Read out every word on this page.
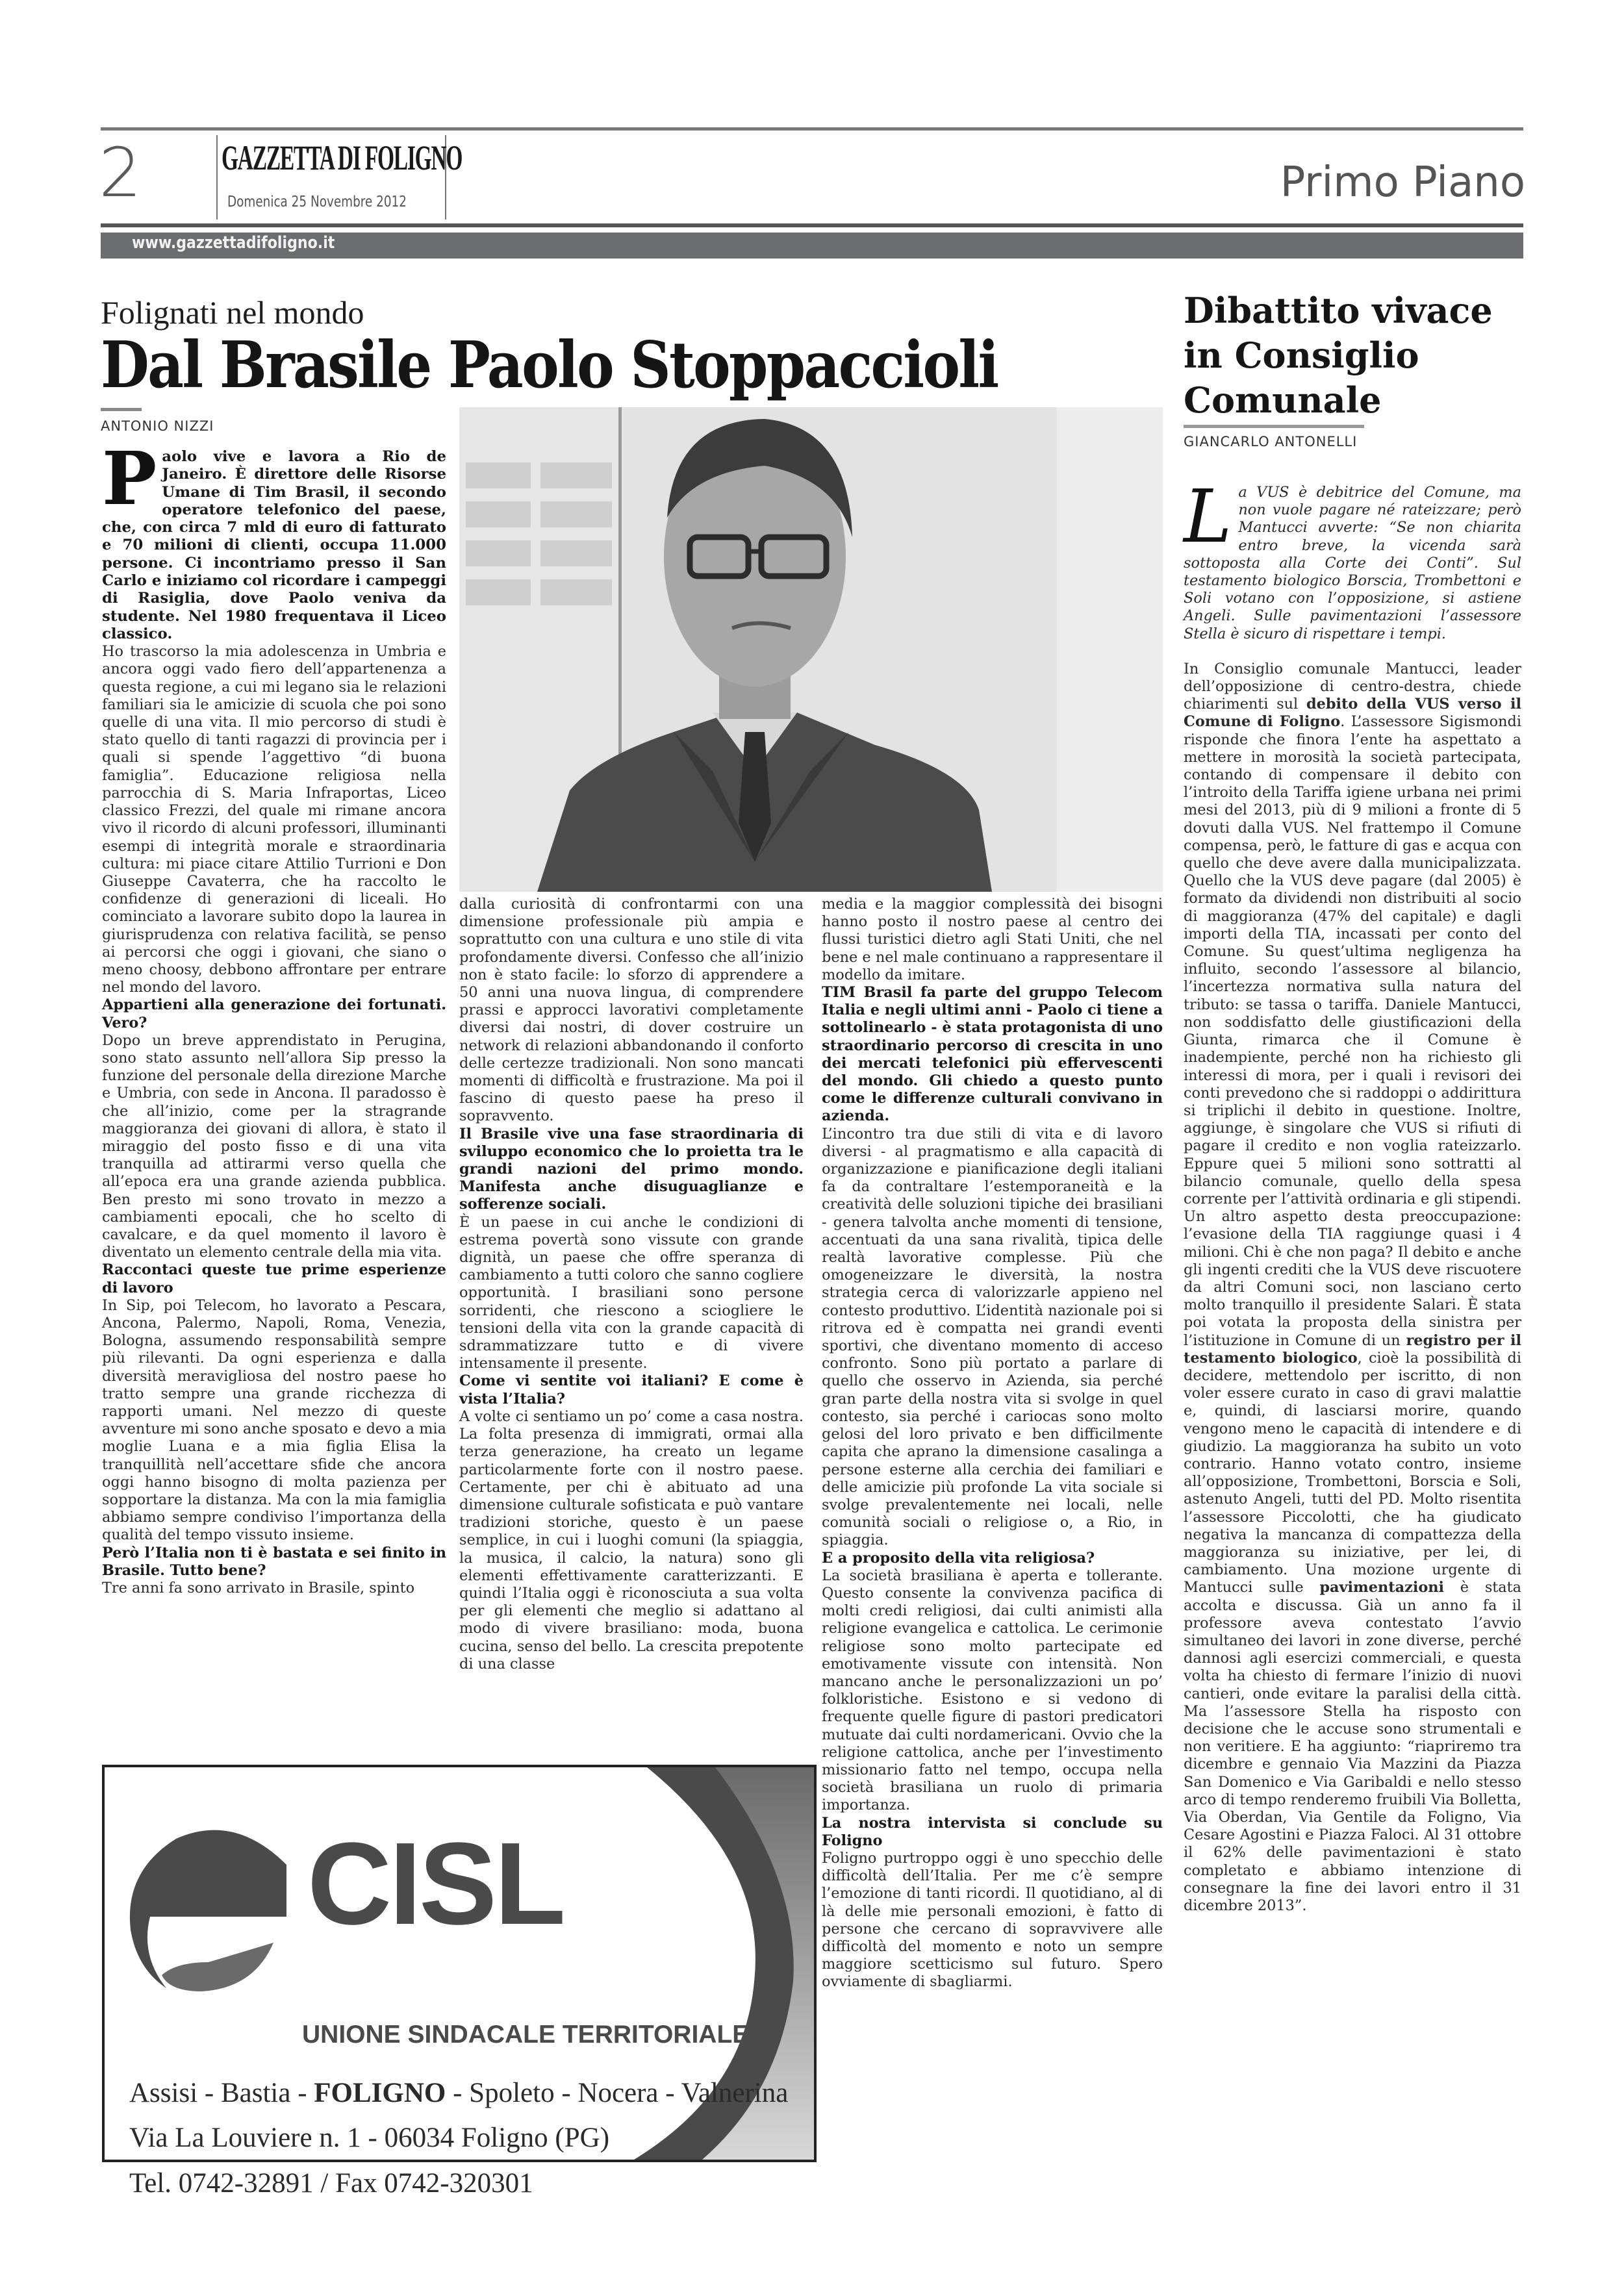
2 GAZZETTA DI FOLIGNO
Domenica 25 Novembre 2012	Primo Piano
www.gazzettadifoligno.it
Folignati nel mondo
Dal Brasile Paolo Stoppaccioli
ANTONIO NIZZI

Paolo vive e lavora a Rio de Janeiro. È direttore delle Risorse Umane di Tim Brasil, il secondo operatore telefonico del paese, che, con circa 7 mld di euro di fatturato e 70 milioni di clienti, occupa 11.000 persone. Ci incontriamo presso il San Carlo e iniziamo col ricordare i campeggi di Rasiglia, dove Paolo veniva da studente. Nel 1980 frequentava il Liceo classico.

Ho trascorso la mia adolescenza in Umbria e ancora oggi vado fiero dell’appartenenza a questa regione, a cui mi legano sia le relazioni familiari sia le amicizie di scuola che poi sono quelle di una vita. Il mio percorso di studi è stato quello di tanti ragazzi di provincia per i quali si spende l’aggettivo “di buona famiglia”. Educazione religiosa nella parrocchia di S. Maria Infraportas, Liceo classico Frezzi, del quale mi rimane ancora vivo il ricordo di alcuni professori, illuminanti esempi di integrità morale e straordinaria cultura: mi piace citare Attilio Turrioni e Don Giuseppe Cavaterra, che ha raccolto le confidenze di generazioni di liceali. Ho cominciato a lavorare subito dopo la laurea in giurisprudenza con relativa facilità, se penso ai percorsi che oggi i giovani, che siano o meno choosy, debbono affrontare per entrare nel mondo del lavoro.

Appartieni alla generazione dei fortunati. Vero?

Dopo un breve apprendistato in Perugina, sono stato assunto nell’allora Sip presso la funzione del personale della direzione Marche e Umbria, con sede in Ancona. Il paradosso è che all’inizio, come per la stragrande maggioranza dei giovani di allora, è stato il miraggio del posto fisso e di una vita tranquilla ad attirarmi verso quella che all’epoca era una grande azienda pubblica. Ben presto mi sono trovato in mezzo a cambiamenti epocali, che ho scelto di cavalcare, e da quel momento il lavoro è diventato un elemento centrale della mia vita.

Raccontaci queste tue prime esperienze di lavoro

In Sip, poi Telecom, ho lavorato a Pescara, Ancona, Palermo, Napoli, Roma, Venezia, Bologna, assumendo responsabilità sempre più rilevanti. Da ogni esperienza e dalla diversità meravigliosa del nostro paese ho tratto sempre una grande ricchezza di rapporti umani. Nel mezzo di queste avventure mi sono anche sposato e devo a mia moglie Luana e a mia figlia Elisa la tranquillità nell’accettare sfide che ancora oggi hanno bisogno di molta pazienza per sopportare la distanza. Ma con la mia famiglia abbiamo sempre condiviso l’importanza della qualità del tempo vissuto insieme.

Però l’Italia non ti è bastata e sei finito in Brasile. Tutto bene?

Tre anni fa sono arrivato in Brasile, spinto

dalla curiosità di confrontarmi con una dimensione professionale più ampia e soprattutto con una cultura e uno stile di vita profondamente diversi. Confesso che all’inizio non è stato facile: lo sforzo di apprendere a 50 anni una nuova lingua, di comprendere prassi e approcci lavorativi completamente diversi dai nostri, di dover costruire un network di relazioni abbandonando il conforto delle certezze tradizionali. Non sono mancati momenti di difficoltà e frustrazione. Ma poi il fascino di questo paese ha preso il sopravvento.

Il Brasile vive una fase straordinaria di sviluppo economico che lo proietta tra le grandi nazioni del primo mondo. Manifesta anche disuguaglianze e sofferenze sociali.

È un paese in cui anche le condizioni di estrema povertà sono vissute con grande dignità, un paese che offre speranza di cambiamento a tutti coloro che sanno cogliere opportunità. I brasiliani sono persone sorridenti, che riescono a sciogliere le tensioni della vita con la grande capacità di sdrammatizzare tutto e di vivere intensamente il presente.

Come vi sentite voi italiani? E come è vista l’Italia?

A volte ci sentiamo un po’ come a casa nostra. La folta presenza di immigrati, ormai alla terza generazione, ha creato un legame particolarmente forte con il nostro paese. Certamente, per chi è abituato ad una dimensione culturale sofisticata e può vantare tradizioni storiche, questo è un paese semplice, in cui i luoghi comuni (la spiaggia, la musica, il calcio, la natura) sono gli elementi effettivamente caratterizzanti. E quindi l’Italia oggi è riconosciuta a sua volta per gli elementi che meglio si adattano al modo di vivere brasiliano: moda, buona cucina, senso del bello. La crescita prepotente di una classe

media e la maggior complessità dei bisogni hanno posto il nostro paese al centro dei flussi turistici dietro agli Stati Uniti, che nel bene e nel male continuano a rappresentare il modello da imitare.

TIM Brasil fa parte del gruppo Telecom Italia e negli ultimi anni - Paolo ci tiene a sottolinearlo - è stata protagonista di uno straordinario percorso di crescita in uno dei mercati telefonici più effervescenti del mondo. Gli chiedo a questo punto come le differenze culturali convivano in azienda.

L’incontro tra due stili di vita e di lavoro diversi - al pragmatismo e alla capacità di organizzazione e pianificazione degli italiani fa da contraltare l’estemporaneità e la creatività delle soluzioni tipiche dei brasiliani - genera talvolta anche momenti di tensione, accentuati da una sana rivalità, tipica delle realtà lavorative complesse. Più che omogeneizzare le diversità, la nostra strategia cerca di valorizzarle appieno nel contesto produttivo. L’identità nazionale poi si ritrova ed è compatta nei grandi eventi sportivi, che diventano momento di acceso confronto. Sono più portato a parlare di quello che osservo in Azienda, sia perché gran parte della nostra vita si svolge in quel contesto, sia perché i cariocas sono molto gelosi del loro privato e ben difficilmente capita che aprano la dimensione casalinga a persone esterne alla cerchia dei familiari e delle amicizie più profonde La vita sociale si svolge prevalentemente nei locali, nelle comunità sociali o religiose o, a Rio, in spiaggia.

E a proposito della vita religiosa?

La società brasiliana è aperta e tollerante. Questo consente la convivenza pacifica di molti credi religiosi, dai culti animisti alla religione evangelica e cattolica. Le cerimonie religiose sono molto partecipate ed emotivamente vissute con intensità. Non mancano anche le personalizzazioni un po’ folkloristiche. Esistono e si vedono di frequente quelle figure di pastori predicatori mutuate dai culti nordamericani. Ovvio che la religione cattolica, anche per l’investimento missionario fatto nel tempo, occupa nella società brasiliana un ruolo di primaria importanza.

La nostra intervista si conclude su Foligno

Foligno purtroppo oggi è uno specchio delle difficoltà dell’Italia. Per me c’è sempre l’emozione di tanti ricordi. Il quotidiano, al di là delle mie personali emozioni, è fatto di persone che cercano di sopravvivere alle difficoltà del momento e noto un sempre maggiore scetticismo sul futuro. Spero ovviamente di sbagliarmi.

CISL
UNIONE SINDACALE TERRITORIALE
Assisi - Bastia - FOLIGNO - Spoleto - Nocera - Valnerina
Via La Louviere n. 1 - 06034 Foligno (PG)
Tel. 0742-32891 / Fax 0742-320301
Dibattito vivace
in Consiglio
Comunale
GIANCARLO ANTONELLI

La VUS è debitrice del Comune, ma non vuole pagare né rateizzare; però Mantucci avverte: “Se non chiarita entro breve, la vicenda sarà sottoposta alla Corte dei Conti”. Sul testamento biologico Borscia, Trombettoni e Soli votano con l’opposizione, si astiene Angeli. Sulle pavimentazioni l’assessore Stella è sicuro di rispettare i tempi.

In Consiglio comunale Mantucci, leader dell’opposizione di centro-destra, chiede chiarimenti sul debito della VUS verso il Comune di Foligno. L’assessore Sigismondi risponde che finora l’ente ha aspettato a mettere in morosità la società partecipata, contando di compensare il debito con l’introito della Tariffa igiene urbana nei primi mesi del 2013, più di 9 milioni a fronte di 5 dovuti dalla VUS. Nel frattempo il Comune compensa, però, le fatture di gas e acqua con quello che deve avere dalla municipalizzata. Quello che la VUS deve pagare (dal 2005) è formato da dividendi non distribuiti al socio di maggioranza (47% del capitale) e dagli importi della TIA, incassati per conto del Comune. Su quest’ultima negligenza ha influito, secondo l’assessore al bilancio, l’incertezza normativa sulla natura del tributo: se tassa o tariffa. Daniele Mantucci, non soddisfatto delle giustificazioni della Giunta, rimarca che il Comune è inadempiente, perché non ha richiesto gli interessi di mora, per i quali i revisori dei conti prevedono che si raddoppi o addirittura si triplichi il debito in questione. Inoltre, aggiunge, è singolare che VUS si rifiuti di pagare il credito e non voglia rateizzarlo. Eppure quei 5 milioni sono sottratti al bilancio comunale, quello della spesa corrente per l’attività ordinaria e gli stipendi. Un altro aspetto desta preoccupazione: l’evasione della TIA raggiunge quasi i 4 milioni. Chi è che non paga? Il debito e anche gli ingenti crediti che la VUS deve riscuotere da altri Comuni soci, non lasciano certo molto tranquillo il presidente Salari. È stata poi votata la proposta della sinistra per l’istituzione in Comune di un registro per il testamento biologico, cioè la possibilità di decidere, mettendolo per iscritto, di non voler essere curato in caso di gravi malattie e, quindi, di lasciarsi morire, quando vengono meno le capacità di intendere e di giudizio. La maggioranza ha subito un voto contrario. Hanno votato contro, insieme all’opposizione, Trombettoni, Borscia e Soli, astenuto Angeli, tutti del PD. Molto risentita l’assessore Piccolotti, che ha giudicato negativa la mancanza di compattezza della maggioranza su iniziative, per lei, di cambiamento. Una mozione urgente di Mantucci sulle pavimentazioni è stata accolta e discussa. Già un anno fa il professore aveva contestato l’avvio simultaneo dei lavori in zone diverse, perché dannosi agli esercizi commerciali, e questa volta ha chiesto di fermare l’inizio di nuovi cantieri, onde evitare la paralisi della città. Ma l’assessore Stella ha risposto con decisione che le accuse sono strumentali e non veritiere. E ha aggiunto: “riapriremo tra dicembre e gennaio Via Mazzini da Piazza San Domenico e Via Garibaldi e nello stesso arco di tempo renderemo fruibili Via Bolletta, Via Oberdan, Via Gentile da Foligno, Via Cesare Agostini e Piazza Faloci. Al 31 ottobre il 62% delle pavimentazioni è stato completato e abbiamo intenzione di consegnare la fine dei lavori entro il 31 dicembre 2013”.
